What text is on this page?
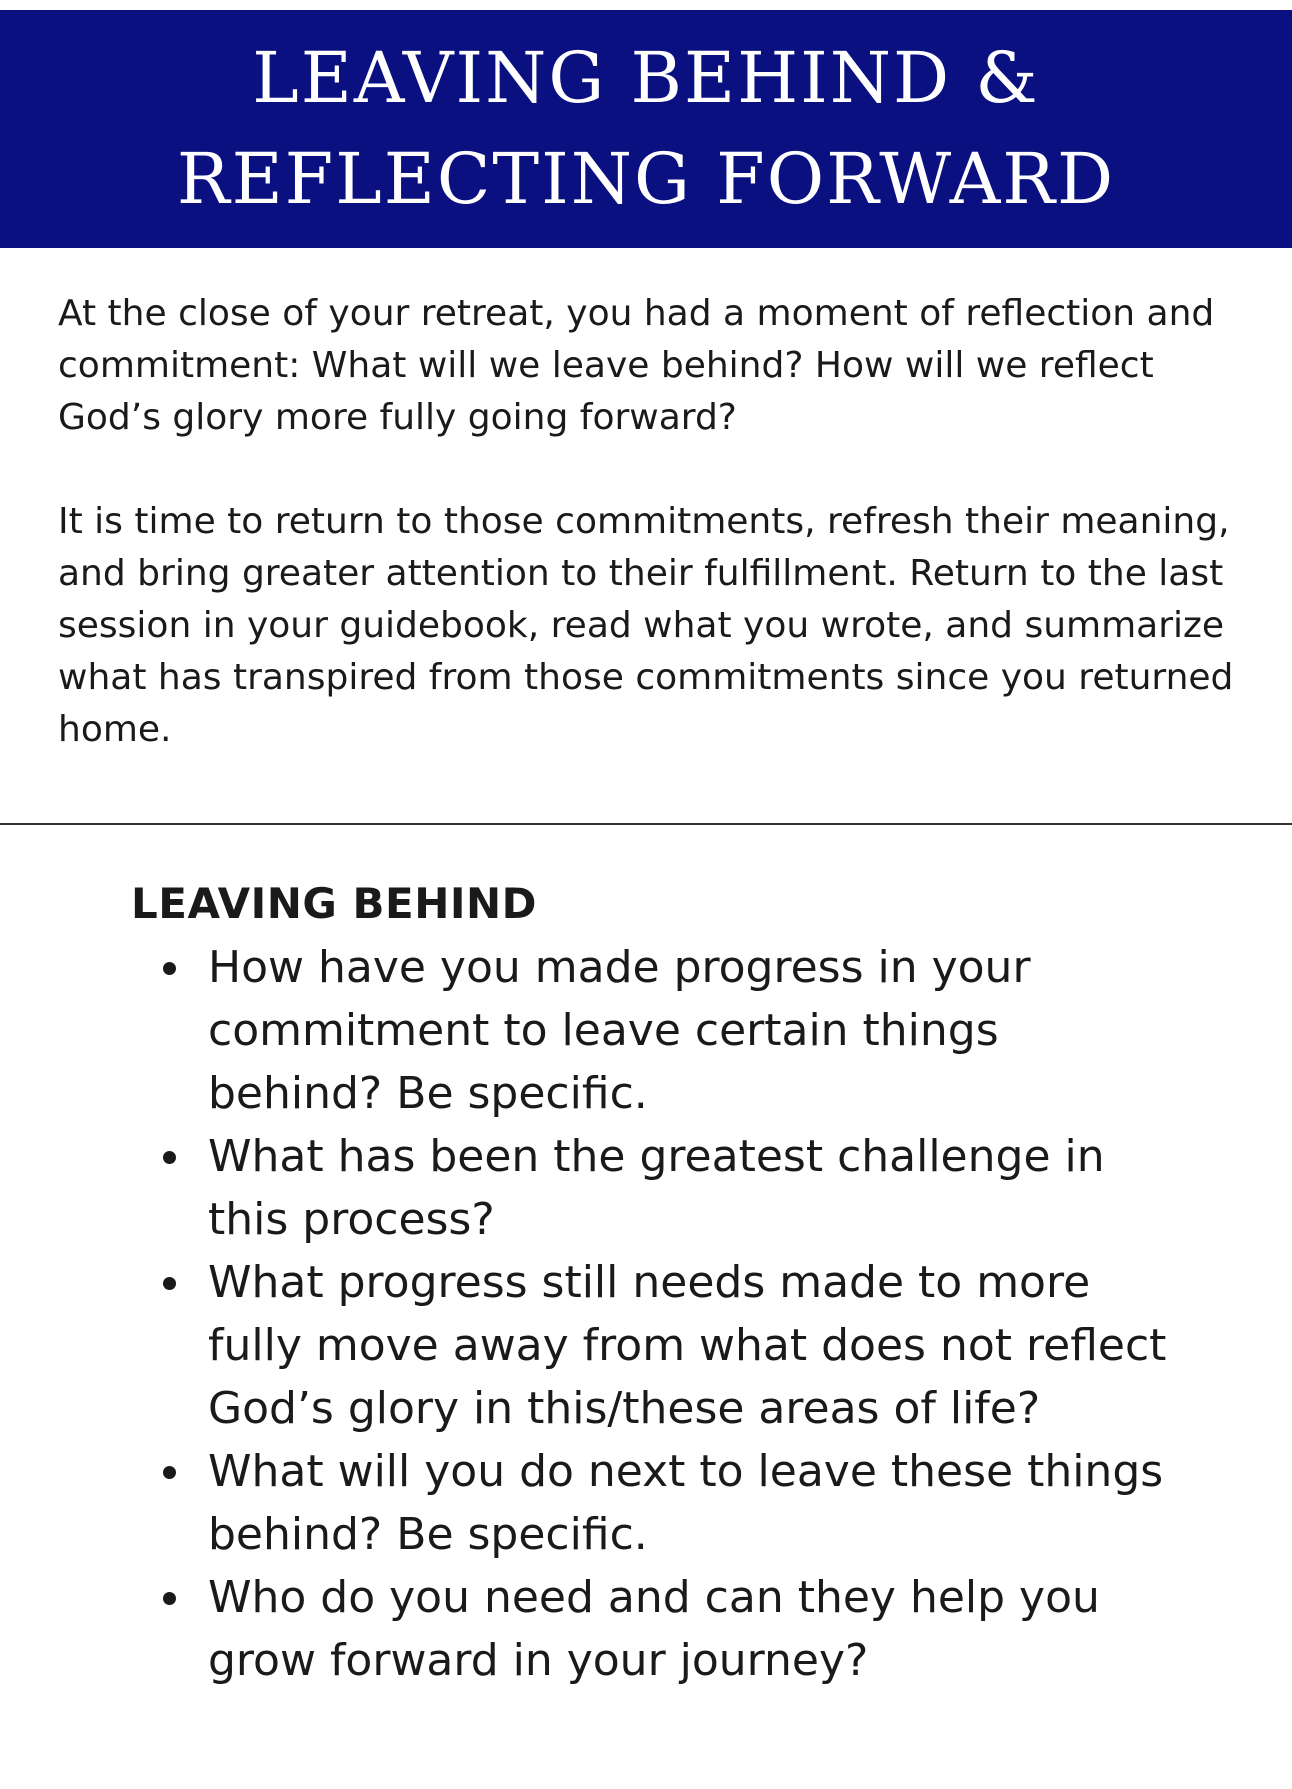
LEAVING BEHIND &
REFLECTING FORWARD

At the close of your retreat, you had a moment of reflection and commitment: What will we leave behind? How will we reflect God’s glory more fully going forward?

It is time to return to those commitments, refresh their meaning, and bring greater attention to their fulfillment. Return to the last session in your guidebook, read what you wrote, and summarize what has transpired from those commitments since you returned home.

LEAVING BEHIND
How have you made progress in your commitment to leave certain things behind? Be specific.
What has been the greatest challenge in this process?
What progress still needs made to more fully move away from what does not reflect God’s glory in this/these areas of life?
What will you do next to leave these things behind? Be specific.
Who do you need and can they help you grow forward in your journey?
